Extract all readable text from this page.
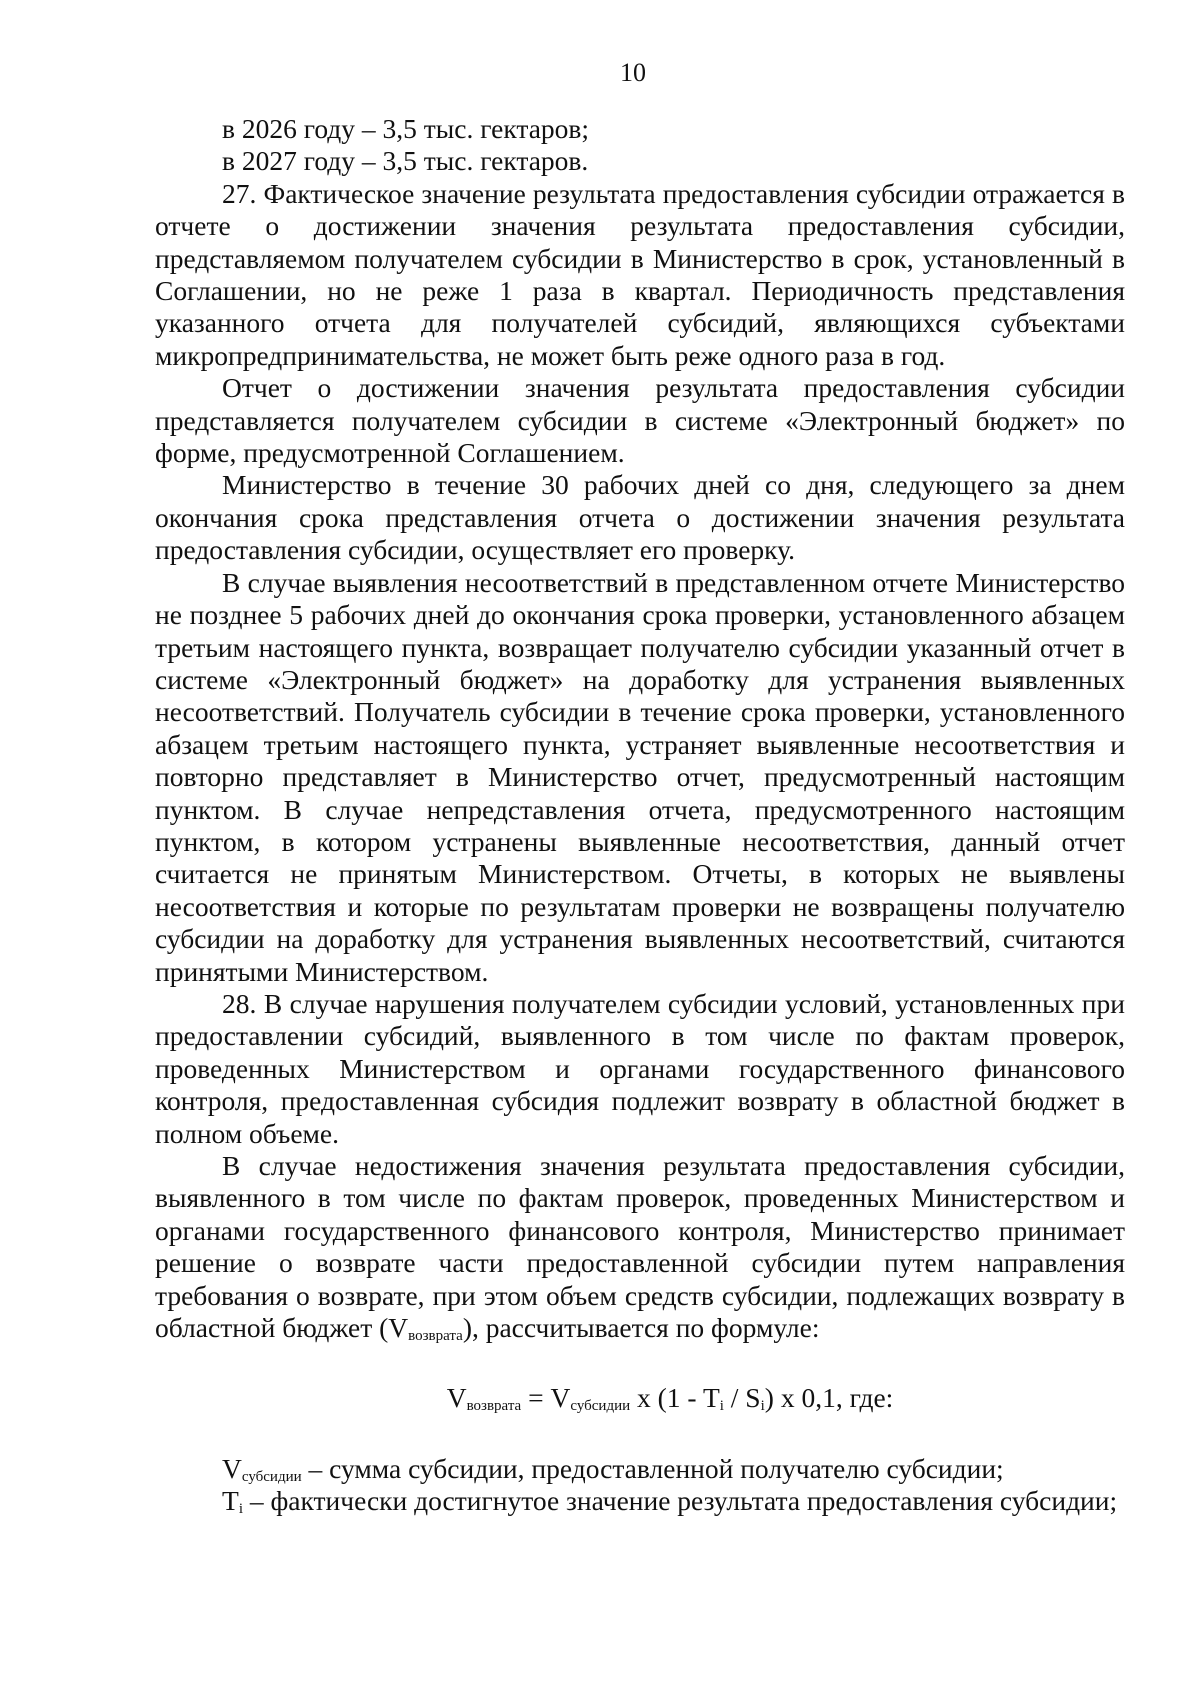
10

в 2026 году – 3,5 тыс. гектаров;

в 2027 году – 3,5 тыс. гектаров.

27. Фактическое значение результата предоставления субсидии отражается в отчете о достижении значения результата предоставления субсидии, представляемом получателем субсидии в Министерство в срок, установленный в Соглашении, но не реже 1 раза в квартал. Периодичность представления указанного отчета для получателей субсидий, являющихся субъектами микропредпринимательства, не может быть реже одного раза в год.

Отчет о достижении значения результата предоставления субсидии представляется получателем субсидии в системе «Электронный бюджет» по форме, предусмотренной Соглашением.

Министерство в течение 30 рабочих дней со дня, следующего за днем окончания срока представления отчета о достижении значения результата предоставления субсидии, осуществляет его проверку.

В случае выявления несоответствий в представленном отчете Министерство не позднее 5 рабочих дней до окончания срока проверки, установленного абзацем третьим настоящего пункта, возвращает получателю субсидии указанный отчет в системе «Электронный бюджет» на доработку для устранения выявленных несоответствий. Получатель субсидии в течение срока проверки, установленного абзацем третьим настоящего пункта, устраняет выявленные несоответствия и повторно представляет в Министерство отчет, предусмотренный настоящим пунктом. В случае непредставления отчета, предусмотренного настоящим пунктом, в котором устранены выявленные несоответствия, данный отчет считается не принятым Министерством. Отчеты, в которых не выявлены несоответствия и которые по результатам проверки не возвращены получателю субсидии на доработку для устранения выявленных несоответствий, считаются принятыми Министерством.

28. В случае нарушения получателем субсидии условий, установленных при предоставлении субсидий, выявленного в том числе по фактам проверок, проведенных Министерством и органами государственного финансового контроля, предоставленная субсидия подлежит возврату в областной бюджет в полном объеме.

В случае недостижения значения результата предоставления субсидии, выявленного в том числе по фактам проверок, проведенных Министерством и органами государственного финансового контроля, Министерство принимает решение о возврате части предоставленной субсидии путем направления требования о возврате, при этом объем средств субсидии, подлежащих возврату в областной бюджет $(V_{возврата})$, рассчитывается по формуле:

$V_{возврата} = V_{субсидии}$ x $(1 - T_i / S_i)$ x 0,1, где:

$V_{субсидии}$ – сумма субсидии, предоставленной получателю субсидии;

$T_i$ – фактически достигнутое значение результата предоставления субсидии;
